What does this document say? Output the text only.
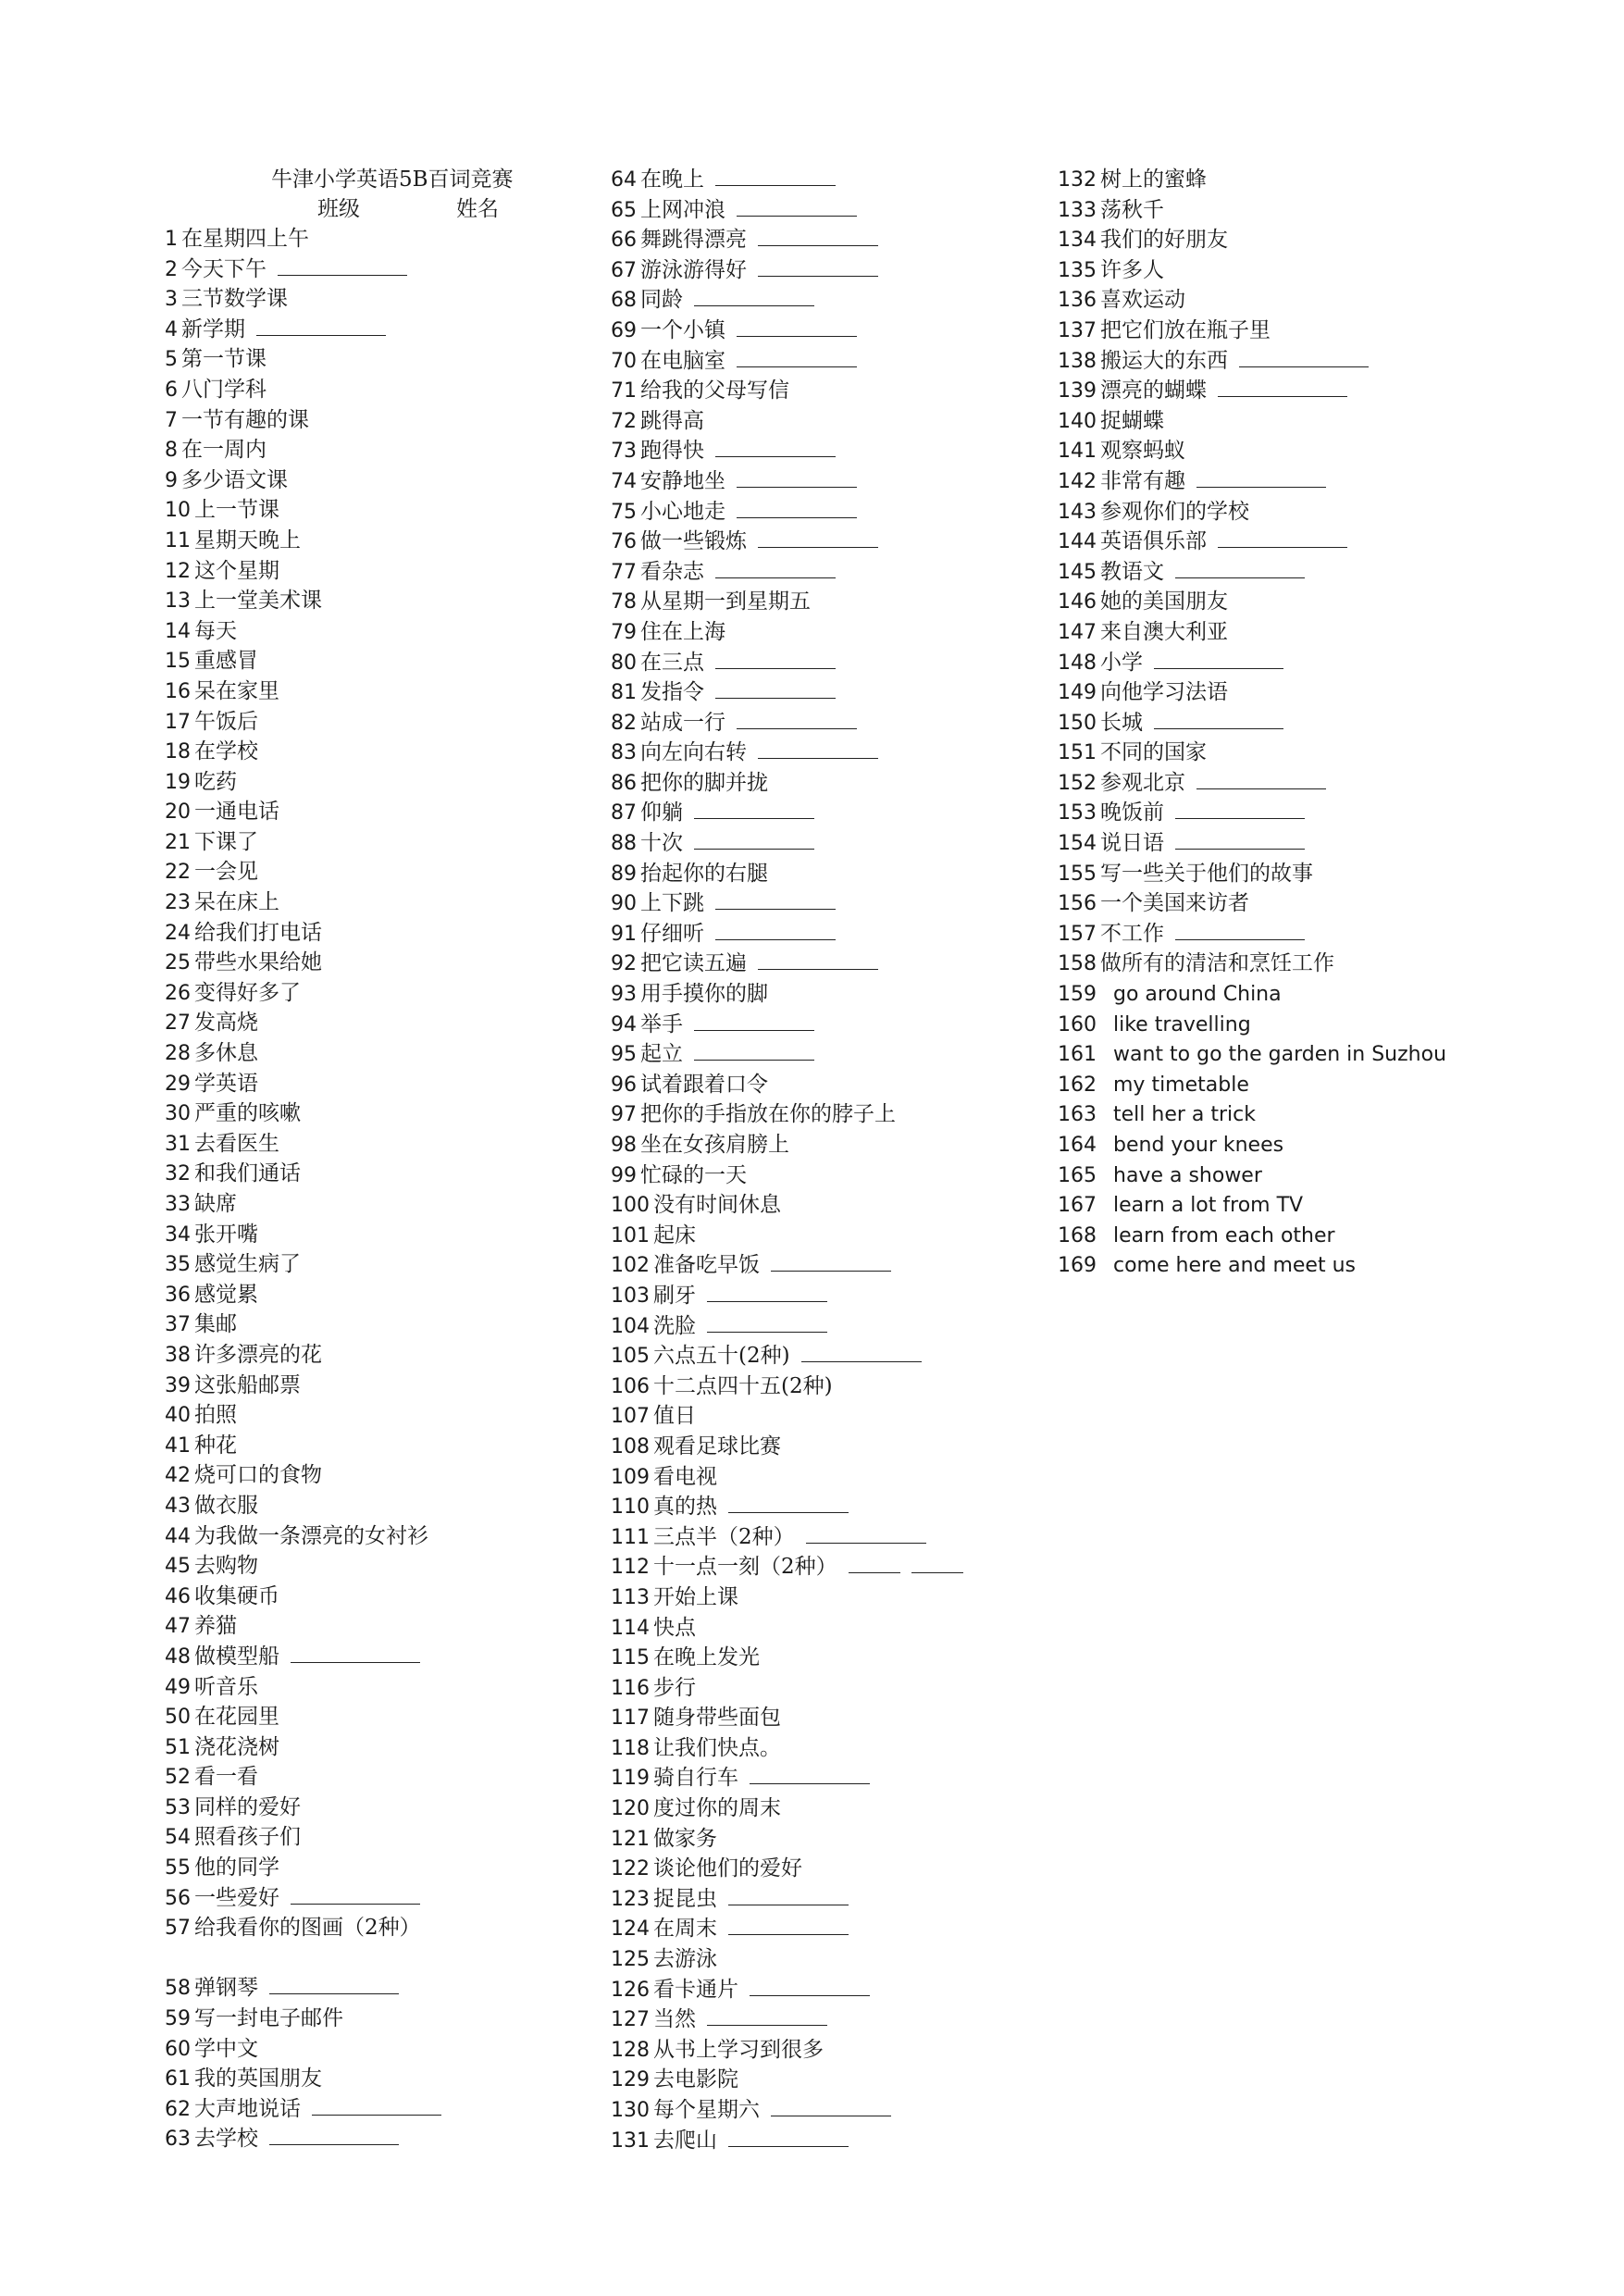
牛津小学英语5B百词竞赛
班级	姓名
1 在星期四上午
2 今天下午
3 三节数学课
4 新学期
5 第一节课
6 八门学科
7 一节有趣的课
8 在一周内
9 多少语文课
10 上一节课
11 星期天晚上
12 这个星期
13 上一堂美术课
14 每天
15 重感冒
16 呆在家里
17 午饭后
18 在学校
19 吃药
20 一通电话
21 下课了
22 一会见
23 呆在床上
24 给我们打电话
25 带些水果给她
26 变得好多了
27 发高烧
28 多休息
29 学英语
30 严重的咳嗽
31 去看医生
32 和我们通话
33 缺席
34 张开嘴
35 感觉生病了
36 感觉累
37 集邮
38 许多漂亮的花
39 这张船邮票
40 拍照
41 种花
42 烧可口的食物
43 做衣服
44 为我做一条漂亮的女衬衫
45 去购物
46 收集硬币
47 养猫
48 做模型船
49 听音乐
50 在花园里
51 浇花浇树
52 看一看
53 同样的爱好
54 照看孩子们
55 他的同学
56 一些爱好
57 给我看你的图画（2种）
58 弹钢琴
59 写一封电子邮件
60 学中文
61 我的英国朋友
62 大声地说话
63 去学校
64 在晚上
65 上网冲浪
66 舞跳得漂亮
67 游泳游得好
68 同龄
69 一个小镇
70 在电脑室
71 给我的父母写信
72 跳得高
73 跑得快
74 安静地坐
75 小心地走
76 做一些锻炼
77 看杂志
78 从星期一到星期五
79 住在上海
80 在三点
81 发指令
82 站成一行
83 向左向右转
86 把你的脚并拢
87 仰躺
88 十次
89 抬起你的右腿
90 上下跳
91 仔细听
92 把它读五遍
93 用手摸你的脚
94 举手
95 起立
96 试着跟着口令
97 把你的手指放在你的脖子上
98 坐在女孩肩膀上
99 忙碌的一天
100 没有时间休息
101 起床
102 准备吃早饭
103 刷牙
104 洗脸
105 六点五十(2种)
106 十二点四十五(2种)
107 值日
108 观看足球比赛
109 看电视
110 真的热
111 三点半（2种）
112 十一点一刻（2种）
113 开始上课
114 快点
115 在晚上发光
116 步行
117 随身带些面包
118 让我们快点。
119 骑自行车
120 度过你的周末
121 做家务
122 谈论他们的爱好
123 捉昆虫
124 在周末
125 去游泳
126 看卡通片
127 当然
128 从书上学习到很多
129 去电影院
130 每个星期六
131 去爬山
132 树上的蜜蜂
133 荡秋千
134 我们的好朋友
135 许多人
136 喜欢运动
137 把它们放在瓶子里
138 搬运大的东西
139 漂亮的蝴蝶
140 捉蝴蝶
141 观察蚂蚁
142 非常有趣
143 参观你们的学校
144 英语俱乐部
145 教语文
146 她的美国朋友
147 来自澳大利亚
148 小学
149 向他学习法语
150 长城
151 不同的国家
152 参观北京
153 晚饭前
154 说日语
155 写一些关于他们的故事
156 一个美国来访者
157 不工作
158 做所有的清洁和烹饪工作
159 go around China
160 like travelling
161 want to go the garden in Suzhou
162 my timetable
163 tell her a trick
164 bend your knees
165 have a shower
167 learn a lot from TV
168 learn from each other
169 come here and meet us
